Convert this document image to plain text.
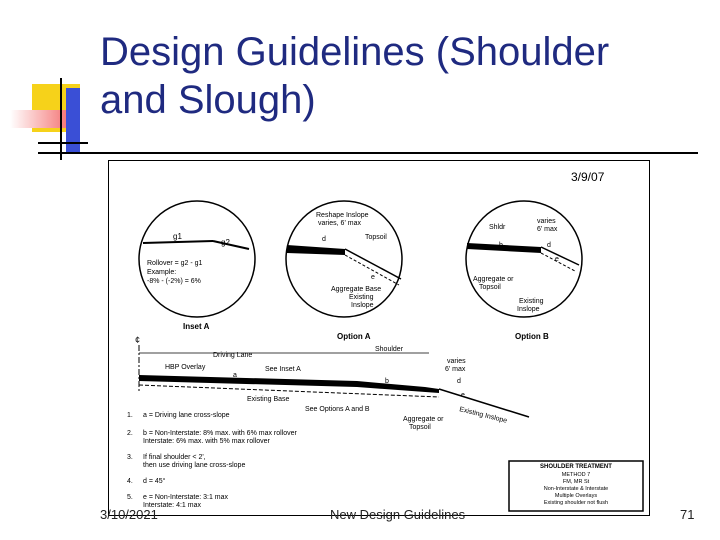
Design Guidelines (Shoulder
and Slough)
3/9/07
g1
g2
Rollover = g2 - g1
Example:
-8% - (-2%) = 6%
Inset A
Reshape Inslope
varies, 6' max
Topsoil
d
e
Aggregate Base
Existing
Inslope
Option A
Shldr
varies
6' max
b	d
e
Aggregate or
Topsoil
Existing
Inslope
Option B
¢
Driving Lane
Shoulder
HBP Overlay	See Inset A
varies
6' max
a
b	d
e
Existing Base
See Options A and B
Aggregate or
Topsoil
Existing Inslope
1. a = Driving lane cross-slope
2. b = Non-Interstate: 8% max. with 6% max rollover
Interstate: 6% max. with 5% max rollover
3. If final shoulder < 2',
then use driving lane cross-slope
4. d = 45°
5. e = Non-Interstate: 3:1 max
Interstate: 4:1 max
SHOULDER TREATMENT
METHOD 7
FM, MR St
Non-Interstate & Interstate
Multiple Overlays
Existing shoulder not flush
3/10/2021	New Design Guidelines	71
